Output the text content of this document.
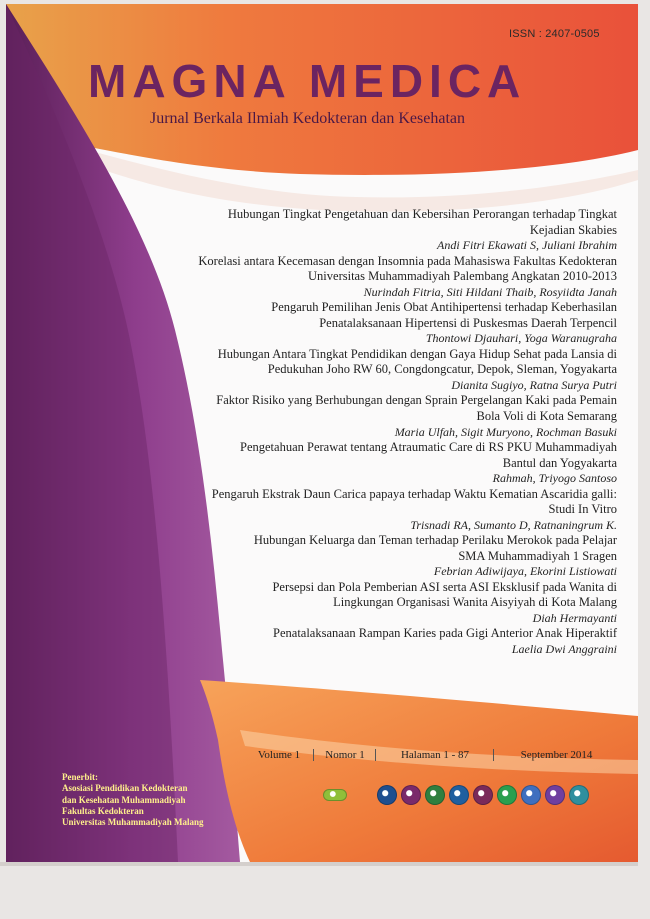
ISSN : 2407-0505
MAGNA MEDICA
Jurnal Berkala Ilmiah Kedokteran dan Kesehatan
Hubungan Tingkat Pengetahuan dan Kebersihan Perorangan terhadap Tingkat
Kejadian Skabies
Andi Fitri Ekawati S, Juliani Ibrahim
Korelasi antara Kecemasan dengan Insomnia pada Mahasiswa Fakultas Kedokteran
Universitas Muhammadiyah Palembang Angkatan 2010-2013
Nurindah Fitria, Siti Hildani Thaib, Rosyiidta Janah
Pengaruh Pemilihan Jenis Obat Antihipertensi terhadap Keberhasilan
Penatalaksanaan Hipertensi di Puskesmas Daerah Terpencil
Thontowi Djauhari, Yoga Waranugraha
Hubungan Antara Tingkat Pendidikan dengan Gaya Hidup Sehat pada Lansia di
Pedukuhan Joho RW 60, Congdongcatur, Depok, Sleman, Yogyakarta
Dianita Sugiyo, Ratna Surya Putri
Faktor Risiko yang Berhubungan dengan Sprain Pergelangan Kaki pada Pemain
Bola Voli di Kota Semarang
Maria Ulfah, Sigit Muryono, Rochman Basuki
Pengetahuan Perawat tentang Atraumatic Care di RS PKU Muhammadiyah
Bantul dan Yogyakarta
Rahmah, Triyogo Santoso
Pengaruh Ekstrak Daun Carica papaya terhadap Waktu Kematian Ascaridia galli:
Studi In Vitro
Trisnadi RA, Sumanto D, Ratnaningrum K.
Hubungan Keluarga dan Teman terhadap Perilaku Merokok pada Pelajar
SMA Muhammadiyah 1 Sragen
Febrian Adiwijaya, Ekorini Listiowati
Persepsi dan Pola Pemberian ASI serta ASI Eksklusif pada Wanita di
Lingkungan Organisasi Wanita Aisyiyah di Kota Malang
Diah Hermayanti
Penatalaksanaan Rampan Karies pada Gigi Anterior Anak Hiperaktif
Laelia Dwi Anggraini
Volume 1	Nomor 1	Halaman 1 - 87	September 2014
Penerbit:
Asosiasi Pendidikan Kedokteran
dan Kesehatan Muhammadiyah
Fakultas Kedokteran
Universitas Muhammadiyah Malang
